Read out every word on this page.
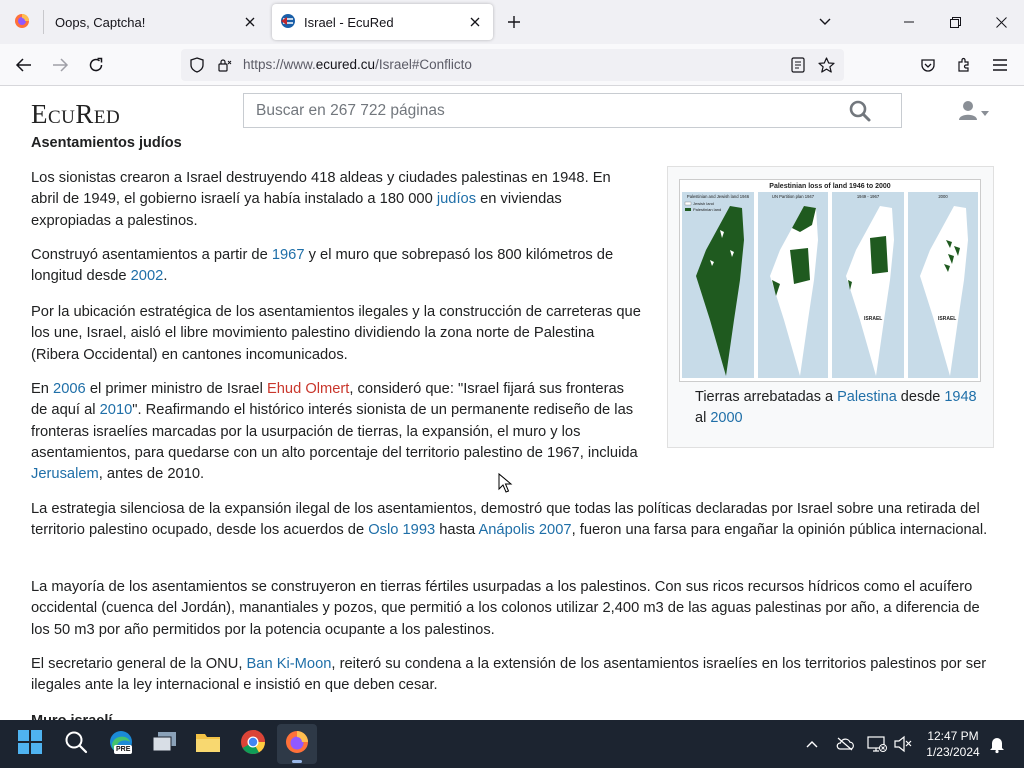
Oops, Captcha!	Israel - EcuRed
https://www.ecured.cu/Israel#Conflicto
ECURED
Buscar en 267 722 páginas
Asentamientos judíos

Los sionistas crearon a Israel destruyendo 418 aldeas y ciudades palestinas en 1948. En abril de 1949, el gobierno israelí ya había instalado a 180 000 judíos en viviendas expropiadas a palestinos.

Construyó asentamientos a partir de 1967 y el muro que sobrepasó los 800 kilómetros de longitud desde 2002.

Por la ubicación estratégica de los asentamientos ilegales y la construcción de carreteras que los une, Israel, aisló el libre movimiento palestino dividiendo la zona norte de Palestina (Ribera Occidental) en cantones incomunicados.

En 2006 el primer ministro de Israel Ehud Olmert, consideró que: "Israel fijará sus fronteras de aquí al 2010". Reafirmando el histórico interés sionista de un permanente rediseño de las fronteras israelíes marcadas por la usurpación de tierras, la expansión, el muro y los asentamientos, para quedarse con un alto porcentaje del territorio palestino de 1967, incluida Jerusalem, antes de 2010.

La estrategia silenciosa de la expansión ilegal de los asentamientos, demostró que todas las políticas declaradas por Israel sobre una retirada del territorio palestino ocupado, desde los acuerdos de Oslo 1993 hasta Anápolis 2007, fueron una farsa para engañar la opinión pública internacional.

La mayoría de los asentamientos se construyeron en tierras fértiles usurpadas a los palestinos. Con sus ricos recursos hídricos como el acuífero occidental (cuenca del Jordán), manantiales y pozos, que permitió a los colonos utilizar 2,400 m3 de las aguas palestinas por año, a diferencia de los 50 m3 por año permitidos por la potencia ocupante a los palestinos.

El secretario general de la ONU, Ban Ki-Moon, reiteró su condena a la extensión de los asentamientos israelíes en los territorios palestinos por ser ilegales ante la ley internacional e insistió en que deben cesar.

Palestinian loss of land 1946 to 2000
Palestinian and Jewish land 1946
Jewish land
Palestinian land
UN Partition plan 1947	1949 - 1967
ISRAEL
2000
ISRAEL
Tierras arrebatadas a Palestina desde 1948 al 2000
PRE
12:47 PM
1/23/2024
